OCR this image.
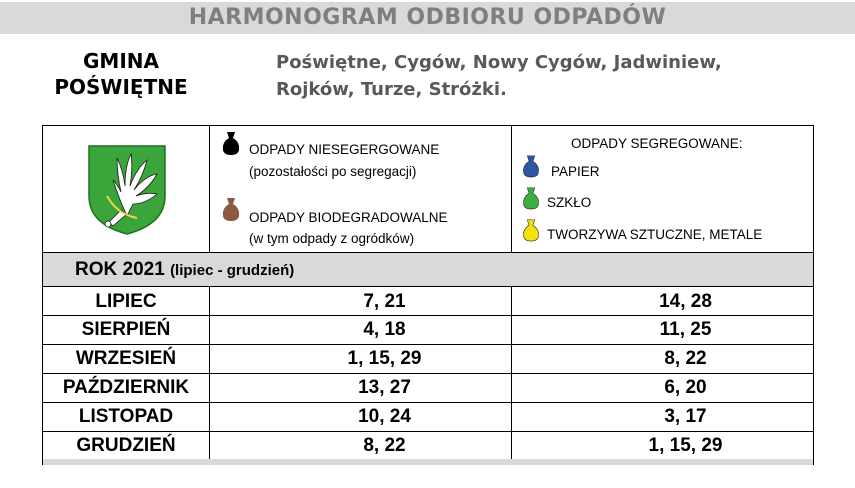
HARMONOGRAM ODBIORU ODPADÓW
GMINA
POŚWIĘTNE
Poświętne, Cygów, Nowy Cygów, Jadwiniew,
Rojków, Turze, Stróżki.
ODPADY NIESEGERGOWANE
(pozostałości po segregacji)
ODPADY BIODEGRADOWALNE
(w tym odpady z ogródków)
ODPADY SEGREGOWANE:
PAPIER
SZKŁO
TWORZYWA SZTUCZNE, METALE
ROK 2021 (lipiec - grudzień)
LIPIEC	7, 21	14, 28
SIERPIEŃ	4, 18	11, 25
WRZESIEŃ	1, 15, 29	8, 22
PAŹDZIERNIK	13, 27	6, 20
LISTOPAD	10, 24	3, 17
GRUDZIEŃ	8, 22	1, 15, 29
